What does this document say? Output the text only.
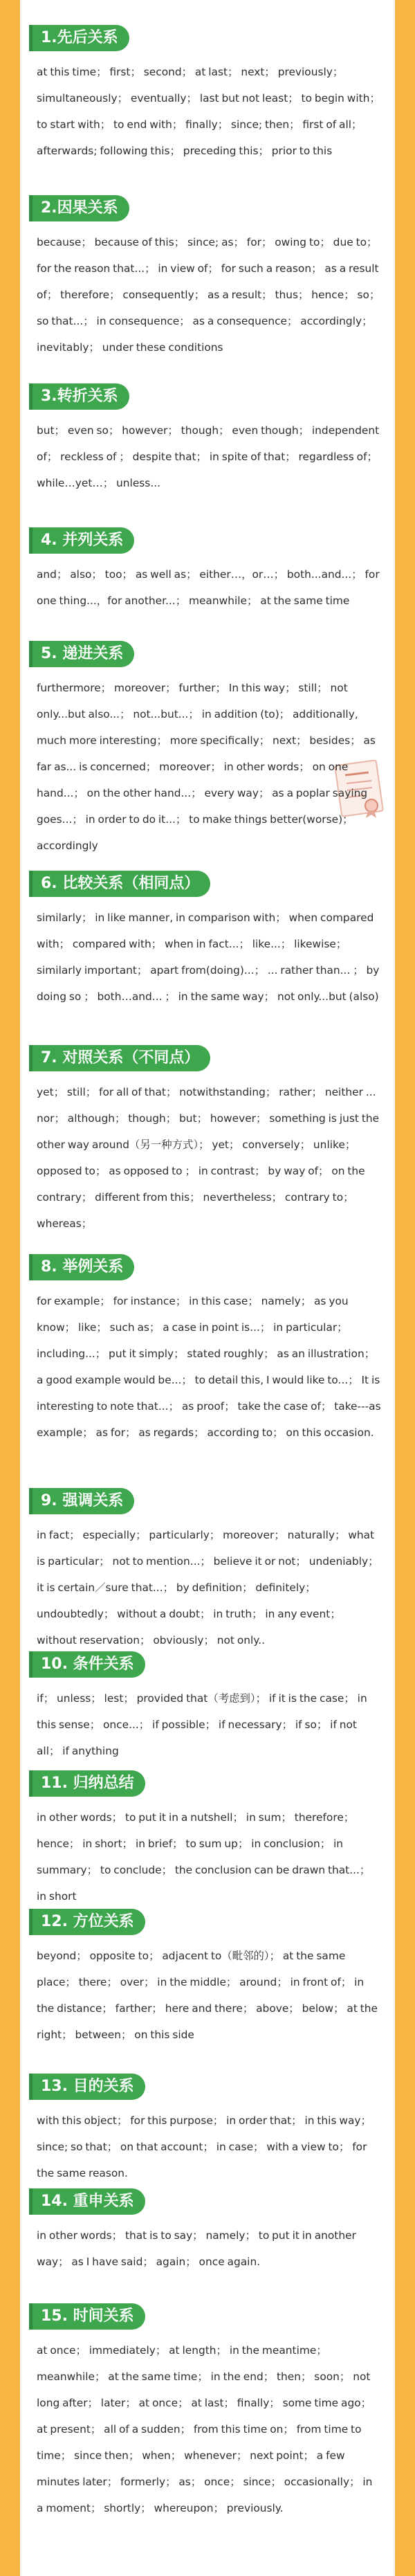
1.先后关系
at this time； first； second； at last； next； previously； simultaneously； eventually； last but not least； to begin with； to start with； to end with； finally； since; then； first of all； afterwards; following this； preceding this； prior to this
2.因果关系
because； because of this； since; as； for； owing to； due to； for the reason that...； in view of； for such a reason； as a result of； therefore； consequently； as a result； thus； hence； so； so that...； in consequence； as a consequence； accordingly； inevitably； under these conditions
3.转折关系
but； even so； however； though； even though； independent of； reckless of ； despite that； in spite of that； regardless of； while…yet…； unless...
4. 并列关系
and； also； too； as well as； either…，or…； both...and...； for one thing...，for another...； meanwhile； at the same time
5. 递进关系
furthermore； moreover； further； In this way； still； not only...but also...； not...but...； in addition (to)； additionally, much more interesting； more specifically； next； besides； as far as... is concerned； moreover； in other words； on one hand...； on the other hand...； every way； as a poplar saying goes...； in order to do it...； to make things better(worse)； accordingly
6. 比较关系（相同点）
similarly； in like manner, in comparison with； when compared with； compared with； when in fact...； like...； likewise； similarly important； apart from(doing)...； ... rather than... ； by doing so ； both…and... ； in the same way； not only...but (also)
7. 对照关系（不同点）
yet； still； for all of that； notwithstanding； rather； neither ... nor； although； though； but； however； something is just the other way around（另一种方式）； yet； conversely； unlike； opposed to； as opposed to ； in contrast； by way of； on the contrary； different from this； nevertheless； contrary to； whereas；
8. 举例关系
for example； for instance； in this case； namely； as you know； like； such as； a case in point is...； in particular； including...； put it simply； stated roughly； as an illustration； a good example would be...； to detail this, I would like to...； It is interesting to note that...； as proof； take the case of； take---as example； as for； as regards； according to； on this occasion.
9. 强调关系
in fact； especially； particularly； moreover； naturally； what is particular； not to mention...； believe it or not； undeniably； it is certain／sure that...； by definition； definitely； undoubtedly； without a doubt； in truth； in any event； without reservation； obviously； not only..
10. 条件关系
if； unless； lest； provided that（考虑到）； if it is the case； in this sense； once...； if possible； if necessary； if so； if not all； if anything
11. 归纳总结
in other words； to put it in a nutshell； in sum； therefore； hence； in short； in brief； to sum up； in conclusion； in summary； to conclude； the conclusion can be drawn that...； in short
12. 方位关系
beyond； opposite to； adjacent to（毗邻的）； at the same place； there； over； in the middle； around； in front of； in the distance； farther； here and there； above； below； at the right； between； on this side
13. 目的关系
with this object； for this purpose； in order that； in this way； since; so that； on that account； in case； with a view to； for the same reason.
14. 重申关系
in other words； that is to say； namely； to put it in another way； as I have said； again； once again.
15. 时间关系
at once； immediately； at length； in the meantime； meanwhile； at the same time； in the end； then； soon； not long after； later； at once； at last； finally； some time ago； at present； all of a sudden； from this time on； from time to time； since then； when； whenever； next point； a few minutes later； formerly； as； once； since； occasionally； in a moment； shortly； whereupon； previously.
